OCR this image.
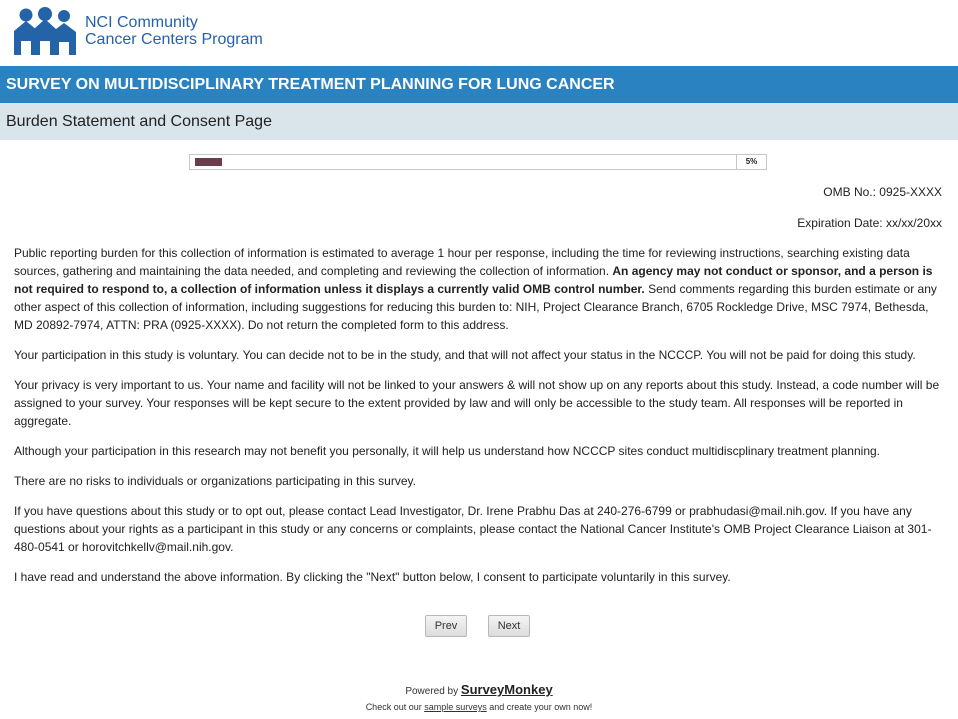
NCI Community
Cancer Centers Program
SURVEY ON MULTIDISCIPLINARY TREATMENT PLANNING FOR LUNG CANCER
Burden Statement and Consent Page
5%
OMB No.: 0925-XXXX
Expiration Date: xx/xx/20xx

Public reporting burden for this collection of information is estimated to average 1 hour per response, including the time for reviewing instructions, searching existing data sources, gathering and maintaining the data needed, and completing and reviewing the collection of information. An agency may not conduct or sponsor, and a person is not required to respond to, a collection of information unless it displays a currently valid OMB control number. Send comments regarding this burden estimate or any other aspect of this collection of information, including suggestions for reducing this burden to: NIH, Project Clearance Branch, 6705 Rockledge Drive, MSC 7974, Bethesda, MD 20892-7974, ATTN: PRA (0925-XXXX). Do not return the completed form to this address.

Your participation in this study is voluntary. You can decide not to be in the study, and that will not affect your status in the NCCCP. You will not be paid for doing this study.

Your privacy is very important to us. Your name and facility will not be linked to your answers & will not show up on any reports about this study. Instead, a code number will be assigned to your survey. Your responses will be kept secure to the extent provided by law and will only be accessible to the study team. All responses will be reported in aggregate.

Although your participation in this research may not benefit you personally, it will help us understand how NCCCP sites conduct multidiscplinary treatment planning.

There are no risks to individuals or organizations participating in this survey.

If you have questions about this study or to opt out, please contact Lead Investigator, Dr. Irene Prabhu Das at 240-276-6799 or prabhudasi@mail.nih.gov. If you have any questions about your rights as a participant in this study or any concerns or complaints, please contact the National Cancer Institute's OMB Project Clearance Liaison at 301-480-0541 or horovitchkellv@mail.nih.gov.

I have read and understand the above information. By clicking the "Next" button below, I consent to participate voluntarily in this survey.

Prev	Next
Powered by SurveyMonkey
Check out our sample surveys and create your own now!
